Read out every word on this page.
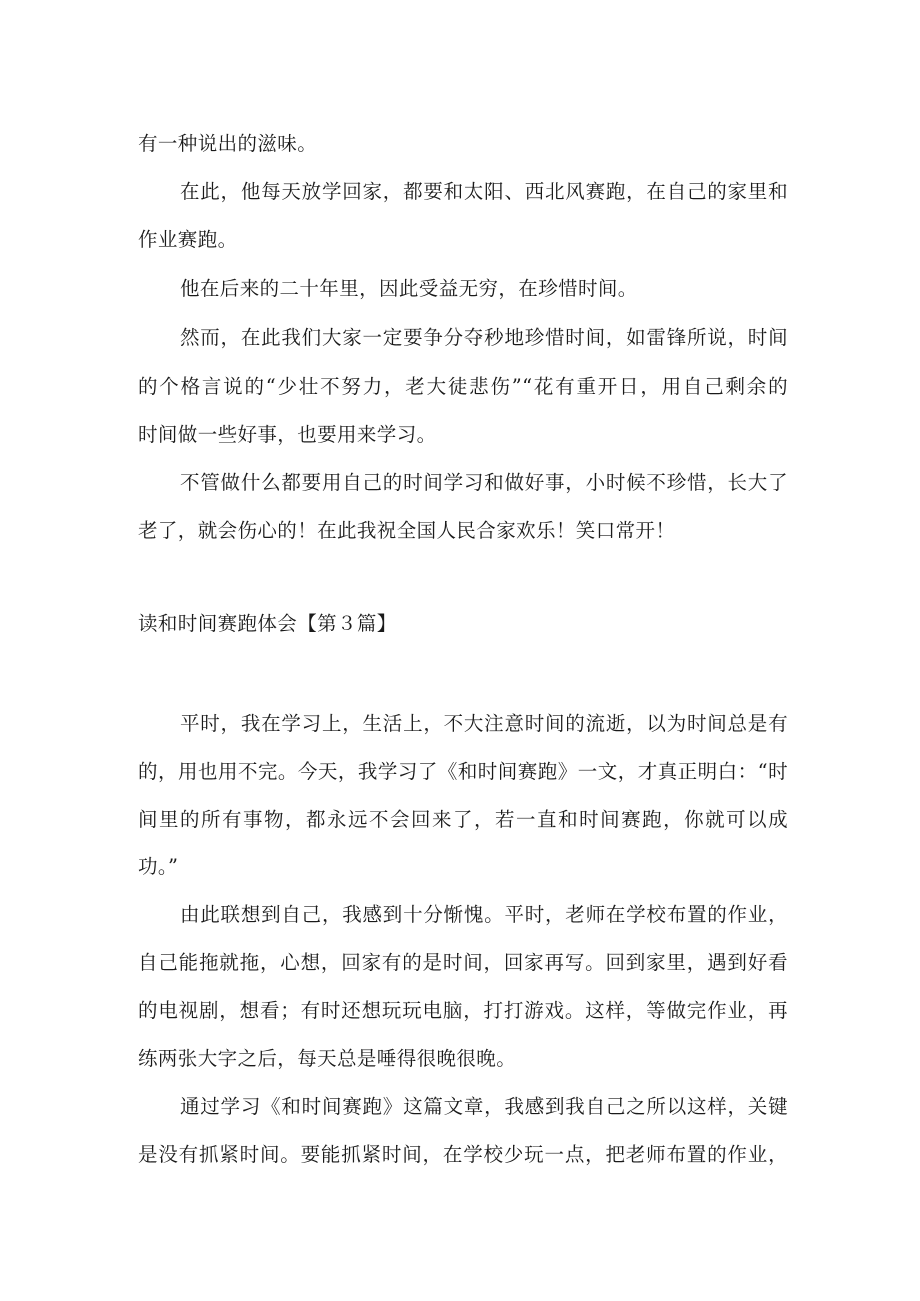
有一种说出的滋味。
在此，他每天放学回家，都要和太阳、西北风赛跑，在自己的家里和
作业赛跑。
他在后来的二十年里，因此受益无穷，在珍惜时间。
然而，在此我们大家一定要争分夺秒地珍惜时间，如雷锋所说，时间
的个格言说的“少壮不努力，老大徒悲伤”“花有重开日，用自己剩余的
时间做一些好事，也要用来学习。
不管做什么都要用自己的时间学习和做好事，小时候不珍惜，长大了
老了，就会伤心的！在此我祝全国人民合家欢乐！笑口常开！
读和时间赛跑体会【第３篇】
平时，我在学习上，生活上，不大注意时间的流逝，以为时间总是有
的，用也用不完。今天，我学习了《和时间赛跑》一文，才真正明白：“时
间里的所有事物，都永远不会回来了，若一直和时间赛跑，你就可以成
功。”
由此联想到自己，我感到十分惭愧。平时，老师在学校布置的作业，
自己能拖就拖，心想，回家有的是时间，回家再写。回到家里，遇到好看
的电视剧，想看；有时还想玩玩电脑，打打游戏。这样，等做完作业，再
练两张大字之后，每天总是唾得很晚很晚。
通过学习《和时间赛跑》这篇文章，我感到我自己之所以这样，关键
是没有抓紧时间。要能抓紧时间，在学校少玩一点，把老师布置的作业，
